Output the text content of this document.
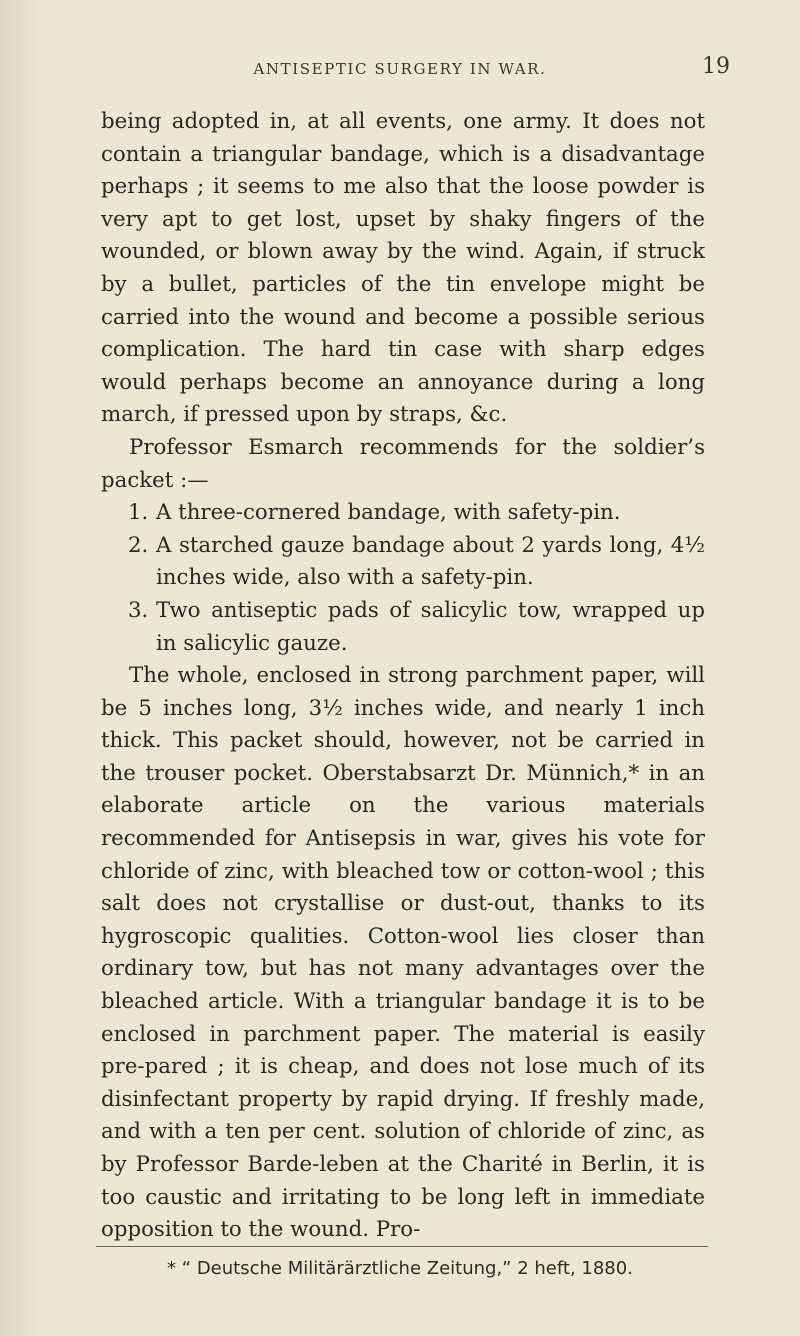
ANTISEPTIC SURGERY IN WAR.	19

being adopted in, at all events, one army. It does not contain a triangular bandage, which is a disadvantage perhaps ; it seems to me also that the loose powder is very apt to get lost, upset by shaky fingers of the wounded, or blown away by the wind. Again, if struck by a bullet, particles of the tin envelope might be carried into the wound and become a possible serious complication. The hard tin case with sharp edges would perhaps become an annoyance during a long march, if pressed upon by straps, &c.

Professor Esmarch recommends for the soldier’s packet :—

1. A three-cornered bandage, with safety-pin.

2. A starched gauze bandage about 2 yards long, 4½ inches wide, also with a safety-pin.

3. Two antiseptic pads of salicylic tow, wrapped up in salicylic gauze.

The whole, enclosed in strong parchment paper, will be 5 inches long, 3½ inches wide, and nearly 1 inch thick. This packet should, however, not be carried in the trouser pocket. Oberstabsarzt Dr. Münnich,* in an elaborate article on the various materials recommended for Antisepsis in war, gives his vote for chloride of zinc, with bleached tow or cotton-wool ; this salt does not crystallise or dust-out, thanks to its hygroscopic qualities. Cotton-wool lies closer than ordinary tow, but has not many advantages over the bleached article. With a triangular bandage it is to be enclosed in parchment paper. The material is easily pre-pared ; it is cheap, and does not lose much of its disinfectant property by rapid drying. If freshly made, and with a ten per cent. solution of chloride of zinc, as by Professor Barde-leben at the Charité in Berlin, it is too caustic and irritating to be long left in immediate opposition to the wound. Pro-

* “ Deutsche Militärärztliche Zeitung,” 2 heft, 1880.
